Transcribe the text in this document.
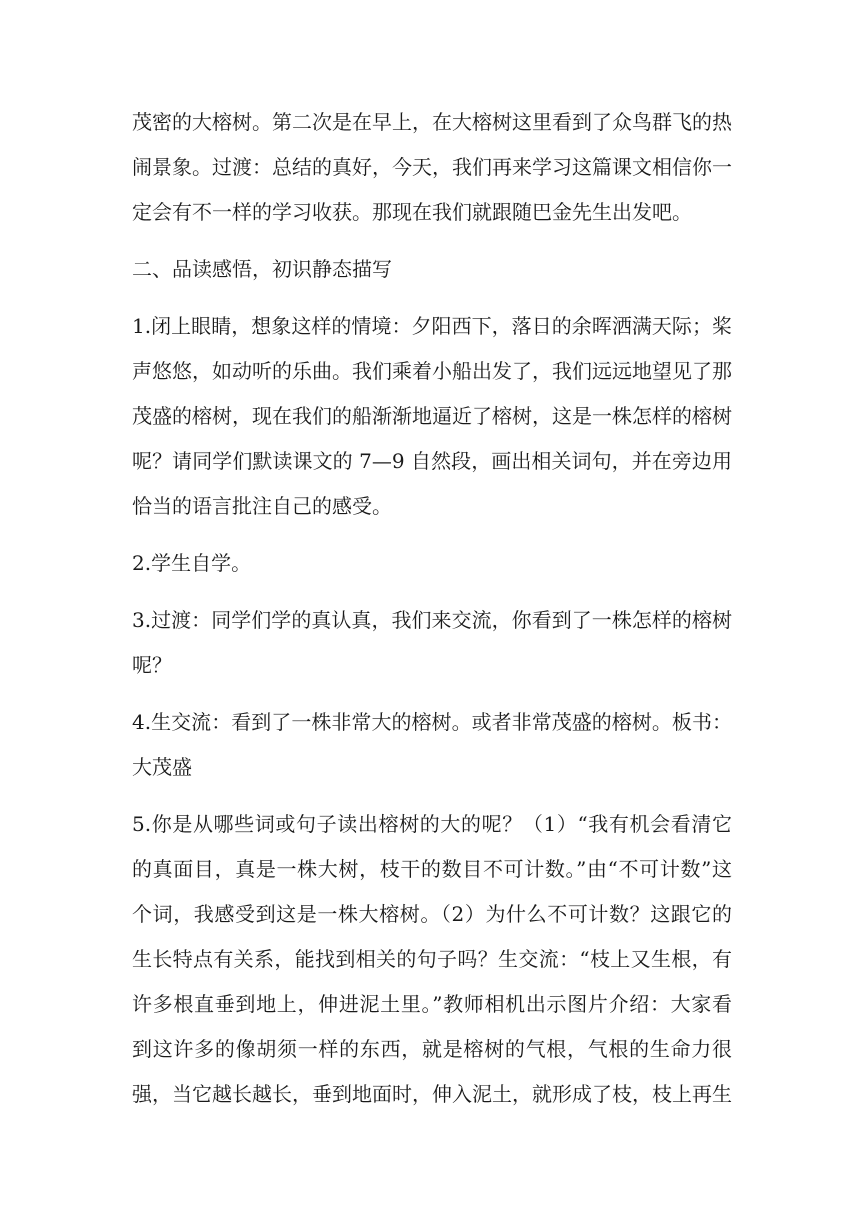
茂密的大榕树。第二次是在早上，在大榕树这里看到了众鸟群飞的热闹景象。过渡：总结的真好，今天，我们再来学习这篇课文相信你一定会有不一样的学习收获。那现在我们就跟随巴金先生出发吧。

二、品读感悟，初识静态描写

1.闭上眼睛，想象这样的情境：夕阳西下，落日的余晖洒满天际；桨声悠悠，如动听的乐曲。我们乘着小船出发了，我们远远地望见了那茂盛的榕树，现在我们的船渐渐地逼近了榕树，这是一株怎样的榕树呢？请同学们默读课文的 7—9 自然段，画出相关词句，并在旁边用恰当的语言批注自己的感受。

2.学生自学。

3.过渡：同学们学的真认真，我们来交流，你看到了一株怎样的榕树呢？

4.生交流：看到了一株非常大的榕树。或者非常茂盛的榕树。板书：大茂盛

5.你是从哪些词或句子读出榕树的大的呢？（1）“我有机会看清它的真面目，真是一株大树，枝干的数目不可计数。”由“不可计数”这个词，我感受到这是一株大榕树。（2）为什么不可计数？这跟它的生长特点有关系，能找到相关的句子吗？生交流：“枝上又生根，有许多根直垂到地上，伸进泥土里。”教师相机出示图片介绍：大家看到这许多的像胡须一样的东西，就是榕树的气根，气根的生命力很强，当它越长越长，垂到地面时，伸入泥土，就形成了枝，枝上再生
